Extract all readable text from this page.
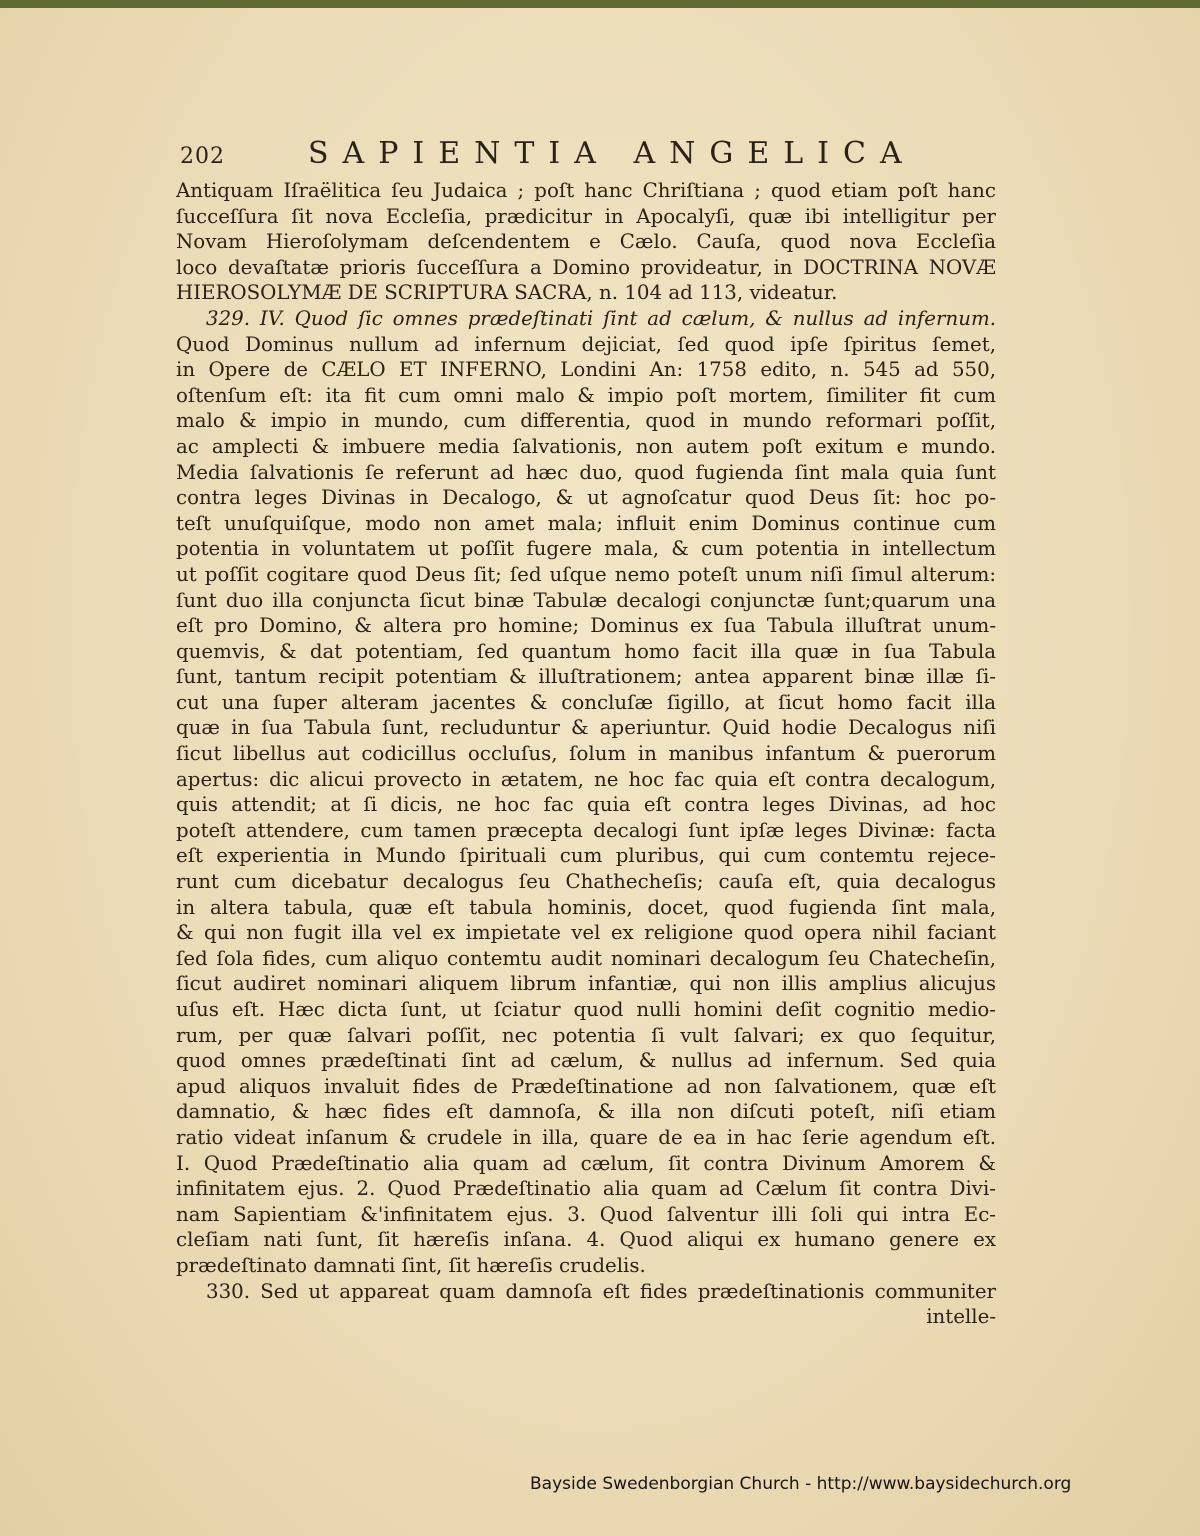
202	SAPIENTIA ANGELICA
Antiquam Iſraëlitica ſeu Judaica ; poſt hanc Chriſtiana ; quod etiam poſt hanc
ſucceſſura ſit nova Eccleſia, prædicitur in Apocalyſi, quæ ibi intelligitur per
Novam Hieroſolymam deſcendentem e Cælo. Cauſa, quod nova Eccleſia
loco devaſtatæ prioris ſucceſſura a Domino provideatur, in DOCTRINA NOVÆ
HIEROSOLYMÆ DE SCRIPTURA SACRA, n. 104 ad 113, videatur.
329. IV. Quod ſic omnes prædeſtinati ſint ad cælum, & nullus ad infernum.
Quod Dominus nullum ad infernum dejiciat, ſed quod ipſe ſpiritus ſemet,
in Opere de CÆLO ET INFERNO, Londini An: 1758 edito, n. 545 ad 550,
oſtenſum eſt: ita fit cum omni malo & impio poſt mortem, ſimiliter fit cum
malo & impio in mundo, cum differentia, quod in mundo reformari poſſit,
ac amplecti & imbuere media ſalvationis, non autem poſt exitum e mundo.
Media ſalvationis ſe referunt ad hæc duo, quod fugienda ſint mala quia ſunt
contra leges Divinas in Decalogo, & ut agnoſcatur quod Deus ſit: hoc po-
teſt unuſquiſque, modo non amet mala; influit enim Dominus continue cum
potentia in voluntatem ut poſſit fugere mala, & cum potentia in intellectum
ut poſſit cogitare quod Deus ſit; ſed uſque nemo poteſt unum niſi ſimul alterum:
ſunt duo illa conjuncta ſicut binæ Tabulæ decalogi conjunctæ ſunt;quarum una
eſt pro Domino, & altera pro homine; Dominus ex ſua Tabula illuſtrat unum-
quemvis, & dat potentiam, ſed quantum homo facit illa quæ in ſua Tabula
ſunt, tantum recipit potentiam & illuſtrationem; antea apparent binæ illæ ſi-
cut una ſuper alteram jacentes & concluſæ ſigillo, at ſicut homo facit illa
quæ in ſua Tabula ſunt, recluduntur & aperiuntur. Quid hodie Decalogus niſi
ſicut libellus aut codicillus occluſus, ſolum in manibus infantum & puerorum
apertus: dic alicui provecto in ætatem, ne hoc fac quia eſt contra decalogum,
quis attendit; at ſi dicis, ne hoc fac quia eſt contra leges Divinas, ad hoc
poteſt attendere, cum tamen præcepta decalogi ſunt ipſæ leges Divinæ: facta
eſt experientia in Mundo ſpirituali cum pluribus, qui cum contemtu rejece-
runt cum dicebatur decalogus ſeu Chathecheſis; cauſa eſt, quia decalogus
in altera tabula, quæ eſt tabula hominis, docet, quod fugienda ſint mala,
& qui non fugit illa vel ex impietate vel ex religione quod opera nihil faciant
ſed ſola fides, cum aliquo contemtu audit nominari decalogum ſeu Chatecheſin,
ſicut audiret nominari aliquem librum infantiæ, qui non illis amplius alicujus
uſus eſt. Hæc dicta ſunt, ut ſciatur quod nulli homini deſit cognitio medio-
rum, per quæ ſalvari poſſit, nec potentia ſi vult ſalvari; ex quo ſequitur,
quod omnes prædeſtinati ſint ad cælum, & nullus ad infernum. Sed quia
apud aliquos invaluit fides de Prædeſtinatione ad non ſalvationem, quæ eſt
damnatio, & hæc fides eſt damnoſa, & illa non diſcuti poteſt, niſi etiam
ratio videat inſanum & crudele in illa, quare de ea in hac ſerie agendum eſt.
I. Quod Prædeſtinatio alia quam ad cælum, ſit contra Divinum Amorem &
infinitatem ejus. 2. Quod Prædeſtinatio alia quam ad Cælum ſit contra Divi-
nam Sapientiam &'infinitatem ejus. 3. Quod ſalventur illi ſoli qui intra Ec-
cleſiam nati ſunt, ſit hæreſis inſana. 4. Quod aliqui ex humano genere ex
prædeſtinato damnati ſint, ſit hæreſis crudelis.
330. Sed ut appareat quam damnoſa eſt fides prædeſtinationis communiter
intelle-
Bayside Swedenborgian Church - http://www.baysidechurch.org
